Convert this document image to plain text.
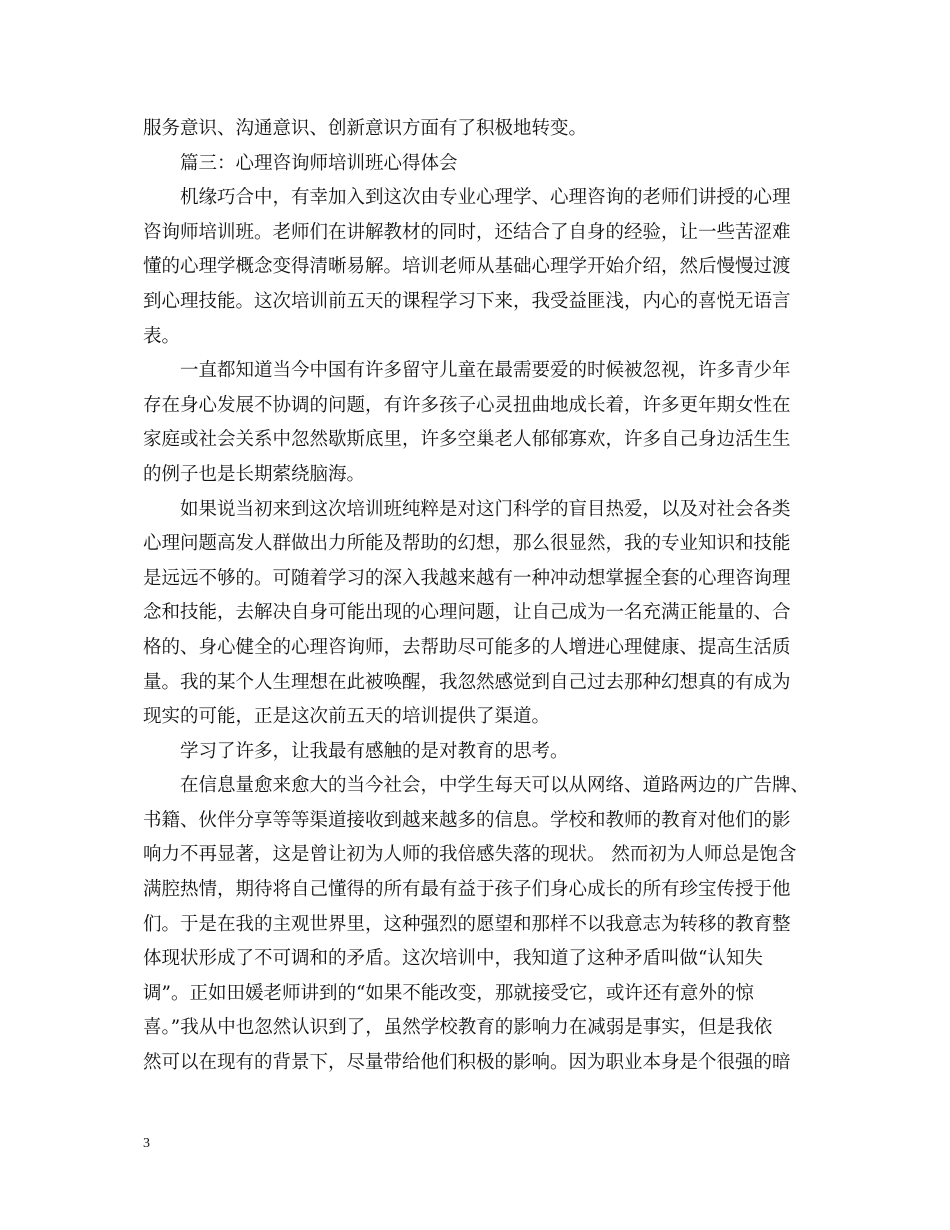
服务意识、沟通意识、创新意识方面有了积极地转变。
篇三：心理咨询师培训班心得体会
机缘巧合中，有幸加入到这次由专业心理学、心理咨询的老师们讲授的心理
咨询师培训班。老师们在讲解教材的同时，还结合了自身的经验，让一些苦涩难
懂的心理学概念变得清晰易解。培训老师从基础心理学开始介绍，然后慢慢过渡
到心理技能。这次培训前五天的课程学习下来，我受益匪浅，内心的喜悦无语言
表。
一直都知道当今中国有许多留守儿童在最需要爱的时候被忽视，许多青少年
存在身心发展不协调的问题，有许多孩子心灵扭曲地成长着，许多更年期女性在
家庭或社会关系中忽然歇斯底里，许多空巢老人郁郁寡欢，许多自己身边活生生
的例子也是长期萦绕脑海。
如果说当初来到这次培训班纯粹是对这门科学的盲目热爱，以及对社会各类
心理问题高发人群做出力所能及帮助的幻想，那么很显然，我的专业知识和技能
是远远不够的。可随着学习的深入我越来越有一种冲动想掌握全套的心理咨询理
念和技能，去解决自身可能出现的心理问题，让自己成为一名充满正能量的、合
格的、身心健全的心理咨询师，去帮助尽可能多的人增进心理健康、提高生活质
量。我的某个人生理想在此被唤醒，我忽然感觉到自己过去那种幻想真的有成为
现实的可能，正是这次前五天的培训提供了渠道。
学习了许多，让我最有感触的是对教育的思考。
在信息量愈来愈大的当今社会，中学生每天可以从网络、道路两边的广告牌、
书籍、伙伴分享等等渠道接收到越来越多的信息。学校和教师的教育对他们的影
响力不再显著，这是曾让初为人师的我倍感失落的现状。 然而初为人师总是饱含
满腔热情，期待将自己懂得的所有最有益于孩子们身心成长的所有珍宝传授于他
们。于是在我的主观世界里，这种强烈的愿望和那样不以我意志为转移的教育整
体现状形成了不可调和的矛盾。这次培训中，我知道了这种矛盾叫做“认知失
调”。正如田媛老师讲到的“如果不能改变，那就接受它，或许还有意外的惊
喜。”我从中也忽然认识到了，虽然学校教育的影响力在减弱是事实，但是我依
然可以在现有的背景下，尽量带给他们积极的影响。因为职业本身是个很强的暗
3
